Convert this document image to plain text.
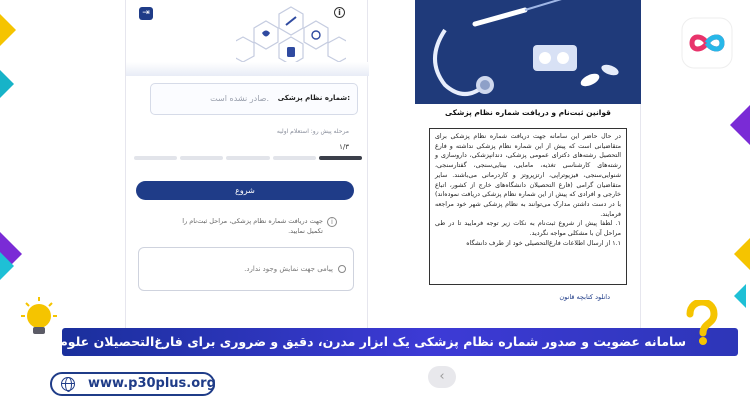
⇥	i
شماره نظام پزشکی:
صادر نشده است.
مرحله پیش رو: استعلام اولیه
۱/۳
شروع
i
جهت دریافت شماره نظام پزشکی، مراحل ثبت‌نام را تکمیل نمایید.
پیامی جهت نمایش وجود ندارد.
قوانین ثبت‌نام و دریافت شماره نظام پزشکی

در حال حاضر این سامانه جهت دریافت شماره نظام پزشکی برای متقاضیانی است که پیش از این شماره نظام پزشکی نداشته و فارغ التحصیل رشته‌های دکترای عمومی پزشکی، دندانپزشکی، داروسازی و رشته‌های کارشناسی تغذیه، مامایی، بینایی‌سنجی، گفتارسنجی، شنوایی‌سنجی، فیزیوتراپی، ارتزپروتز و کاردرمانی می‌باشند. سایر متقاضیان گرامی (فارغ التحصیلان دانشگاه‌های خارج از کشور، اتباع خارجی و افرادی که پیش از این شماره نظام پزشکی دریافت نموده‌اند) با در دست داشتن مدارک می‌توانند به نظام پزشکی شهر خود مراجعه فرمایند.

۱. لطفا پیش از شروع ثبت‌نام به نکات زیر توجه فرمایید تا در طی مراحل آن با مشکلی مواجه نگردید.

۱.۱ از ارسال اطلاعات فارغ‌التحصیلی خود از طرف دانشگاه

دانلود کتابچه قانون
سامانه عضویت و صدور شماره نظام پزشکی یک ابزار مدرن، دقیق و ضروری برای فارغ‌التحصیلان علوم پزشکی
www.p30plus.org	‹
